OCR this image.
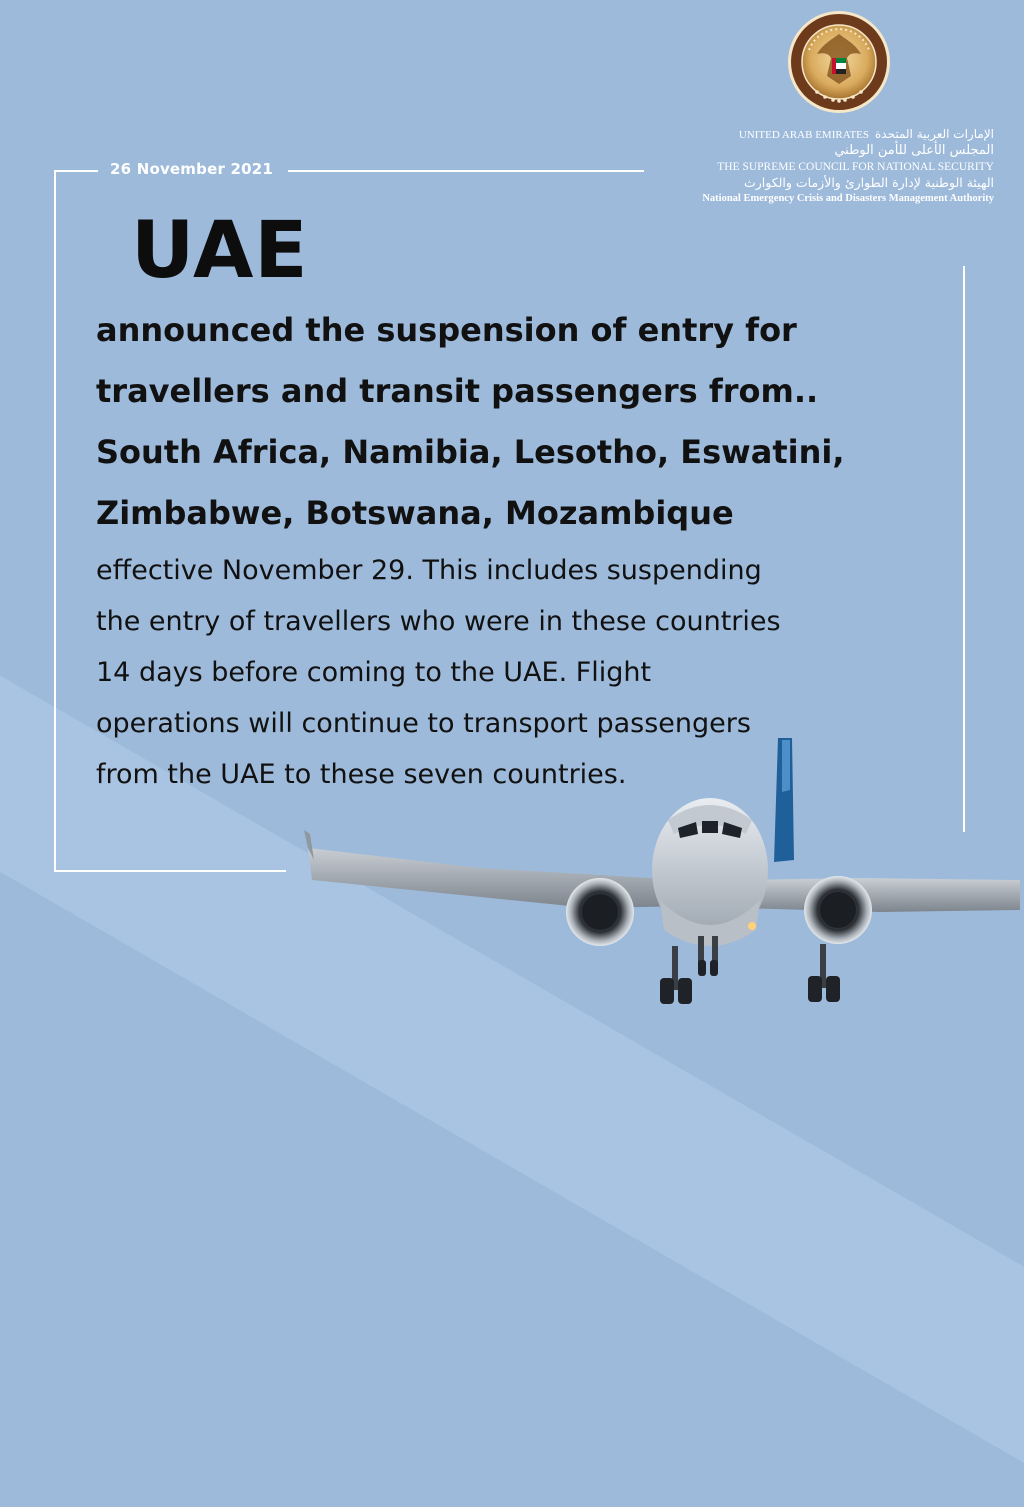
26 November 2021
UNITED ARAB EMIRATES الإمارات العربية المتحدة
المجلس الأعلى للأمن الوطني
THE SUPREME COUNCIL FOR NATIONAL SECURITY
الهيئة الوطنية لإدارة الطوارئ والأزمات والكوارث
National Emergency Crisis and Disasters Management Authority
UAE
announced the suspension of entry for
travellers and transit passengers from..
South Africa, Namibia, Lesotho, Eswatini,
Zimbabwe, Botswana, Mozambique
effective November 29. This includes suspending
the entry of travellers who were in these countries
14 days before coming to the UAE. Flight
operations will continue to transport passengers
from the UAE to these seven countries.
